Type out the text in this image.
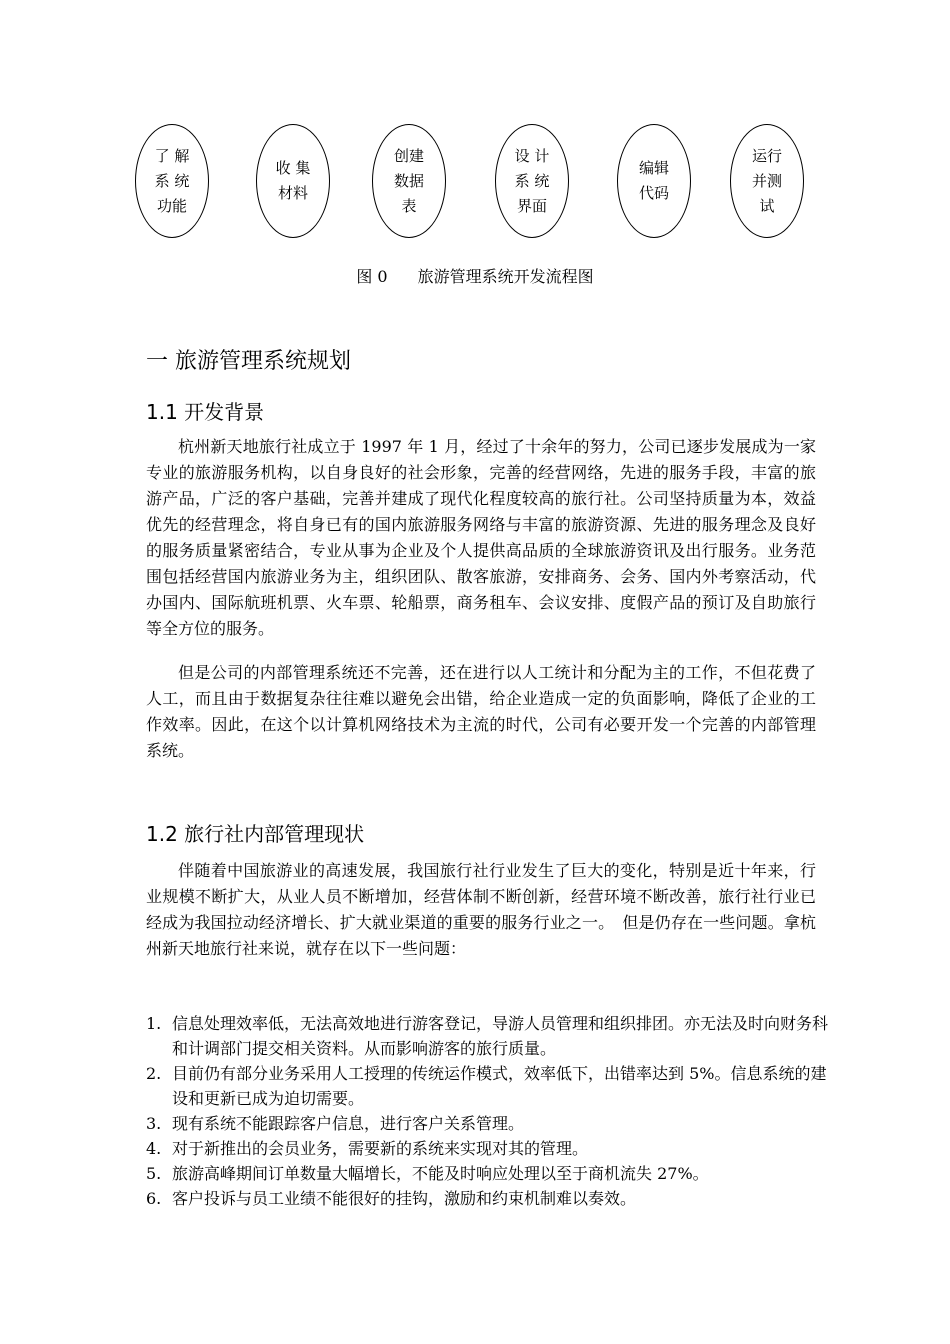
了 解
系 统
功能
收 集
材料
创建
数据
表
设 计
系 统
界面
编辑
代码
运行
并测
试
图 0 旅游管理系统开发流程图
一 旅游管理系统规划
1.1 开发背景

杭州新天地旅行社成立于 1997 年 1 月，经过了十余年的努力，公司已逐步发展成为一家专业的旅游服务机构，以自身良好的社会形象，完善的经营网络，先进的服务手段，丰富的旅游产品，广泛的客户基础，完善并建成了现代化程度较高的旅行社。公司坚持质量为本，效益优先的经营理念，将自身已有的国内旅游服务网络与丰富的旅游资源、先进的服务理念及良好的服务质量紧密结合，专业从事为企业及个人提供高品质的全球旅游资讯及出行服务。业务范围包括经营国内旅游业务为主，组织团队、散客旅游，安排商务、会务、国内外考察活动，代办国内、国际航班机票、火车票、轮船票，商务租车、会议安排、度假产品的预订及自助旅行等全方位的服务。

但是公司的内部管理系统还不完善，还在进行以人工统计和分配为主的工作，不但花费了人工，而且由于数据复杂往往难以避免会出错，给企业造成一定的负面影响，降低了企业的工作效率。因此，在这个以计算机网络技术为主流的时代，公司有必要开发一个完善的内部管理系统。

1.2 旅行社内部管理现状

伴随着中国旅游业的高速发展，我国旅行社行业发生了巨大的变化，特别是近十年来，行业规模不断扩大，从业人员不断增加，经营体制不断创新，经营环境不断改善，旅行社行业已经成为我国拉动经济增长、扩大就业渠道的重要的服务行业之一。　但是仍存在一些问题。拿杭州新天地旅行社来说，就存在以下一些问题：

1. 信息处理效率低，无法高效地进行游客登记，导游人员管理和组织排团。亦无法及时向财务科和计调部门提交相关资料。从而影响游客的旅行质量。
2. 目前仍有部分业务采用人工授理的传统运作模式，效率低下，出错率达到 5%。信息系统的建设和更新已成为迫切需要。
3. 现有系统不能跟踪客户信息，进行客户关系管理。
4. 对于新推出的会员业务，需要新的系统来实现对其的管理。
5. 旅游高峰期间订单数量大幅增长，不能及时响应处理以至于商机流失 27%。
6. 客户投诉与员工业绩不能很好的挂钩，激励和约束机制难以奏效。
